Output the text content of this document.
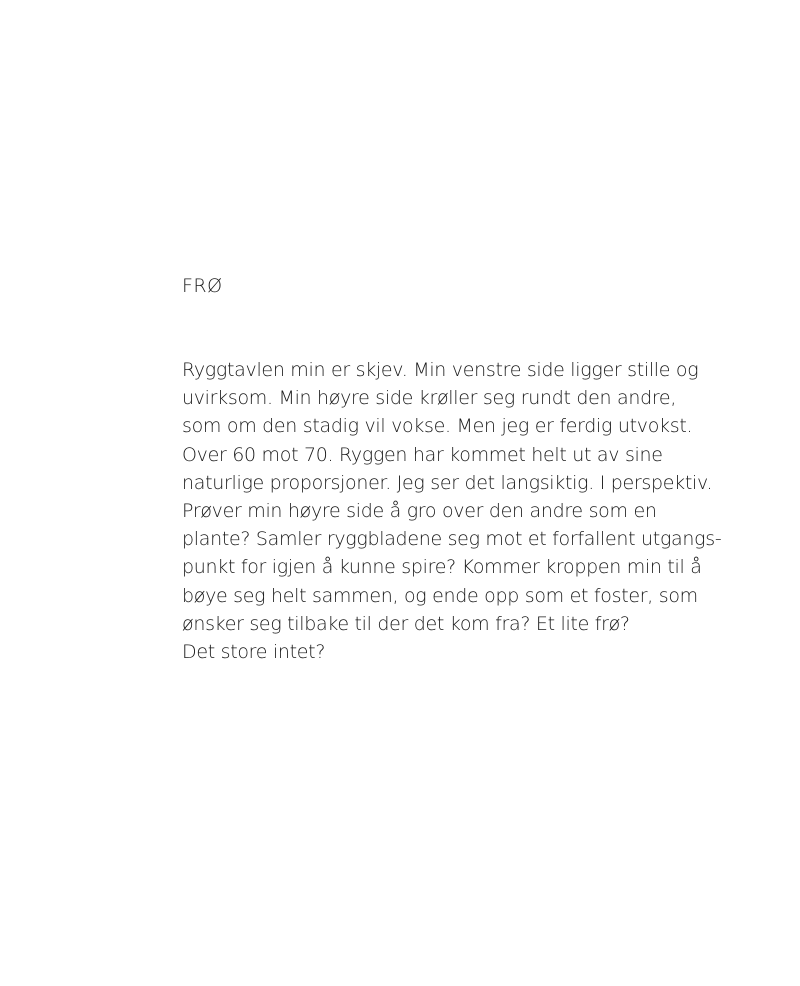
FRØ

Ryggtavlen min er skjev. Min venstre side ligger stille og
uvirksom. Min høyre side krøller seg rundt den andre,
som om den stadig vil vokse. Men jeg er ferdig utvokst.
Over 60 mot 70. Ryggen har kommet helt ut av sine
naturlige proporsjoner. Jeg ser det langsiktig. I perspektiv.
Prøver min høyre side å gro over den andre som en
plante? Samler ryggbladene seg mot et forfallent utgangs-
punkt for igjen å kunne spire? Kommer kroppen min til å
bøye seg helt sammen, og ende opp som et foster, som
ønsker seg tilbake til der det kom fra? Et lite frø?
Det store intet?
